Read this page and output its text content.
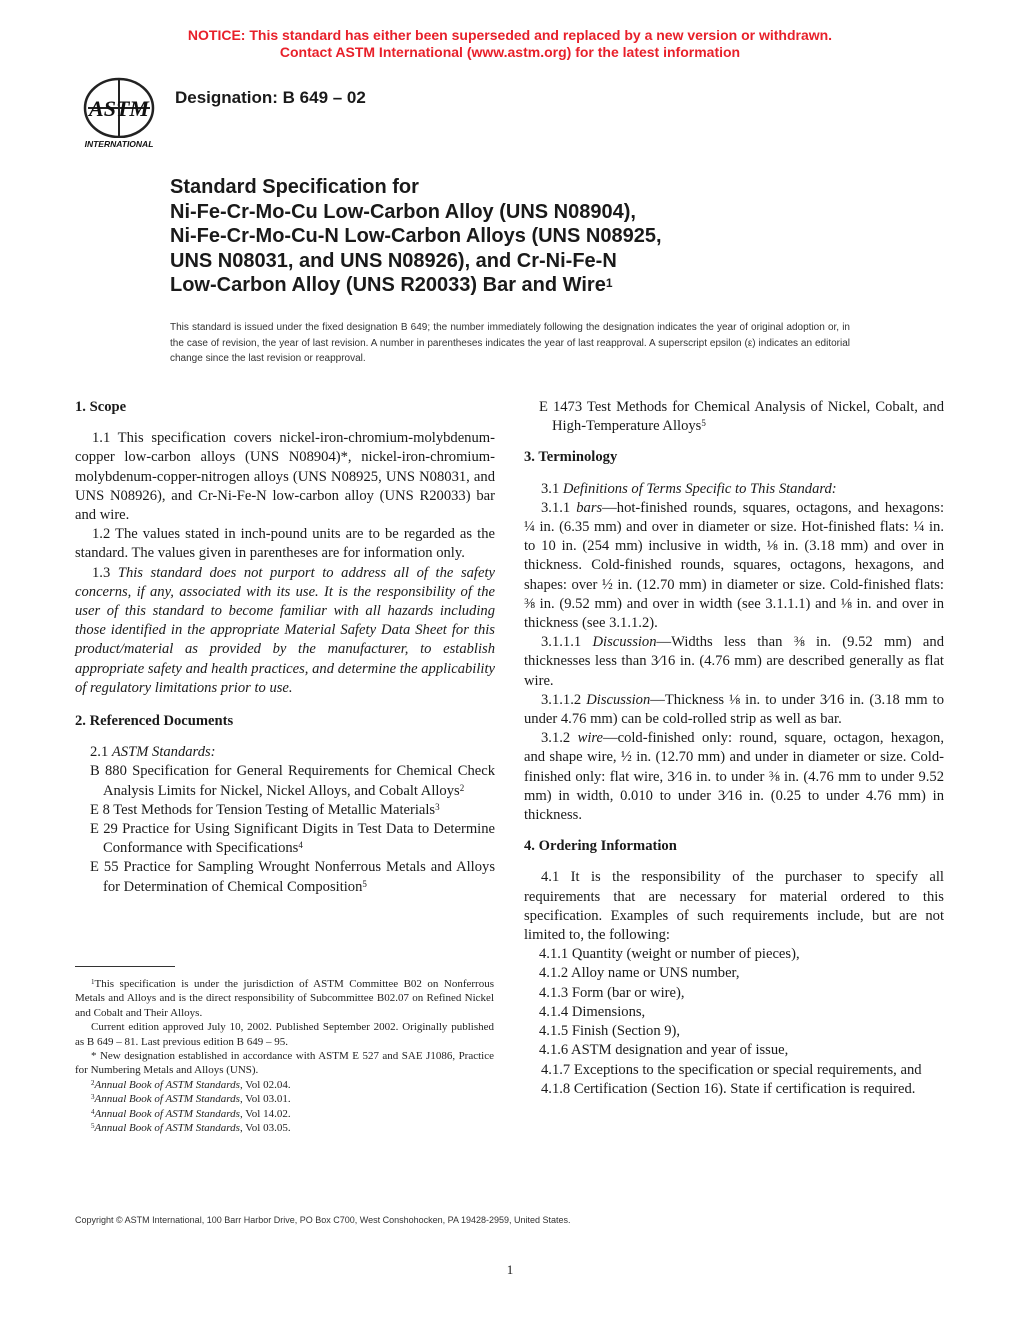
NOTICE: This standard has either been superseded and replaced by a new version or withdrawn.
Contact ASTM International (www.astm.org) for the latest information
ASTM
INTERNATIONAL
Designation: B 649 – 02
Standard Specification for
Ni-Fe-Cr-Mo-Cu Low-Carbon Alloy (UNS N08904),
Ni-Fe-Cr-Mo-Cu-N Low-Carbon Alloys (UNS N08925,
UNS N08031, and UNS N08926), and Cr-Ni-Fe-N
Low-Carbon Alloy (UNS R20033) Bar and Wire$^1$
This standard is issued under the fixed designation B 649; the number immediately following the designation indicates the year of original adoption or, in the case of revision, the year of last revision. A number in parentheses indicates the year of last reapproval. A superscript epsilon (ε) indicates an editorial change since the last revision or reapproval.

1. Scope

1.1 This specification covers nickel-iron-chromium-molybdenum-copper low-carbon alloys (UNS N08904)*, nickel-iron-chromium-molybdenum-copper-nitrogen alloys (UNS N08925, UNS N08031, and UNS N08926), and Cr-Ni-Fe-N low-carbon alloy (UNS R20033) bar and wire.

1.2 The values stated in inch-pound units are to be regarded as the standard. The values given in parentheses are for information only.

1.3 This standard does not purport to address all of the safety concerns, if any, associated with its use. It is the responsibility of the user of this standard to become familiar with all hazards including those identified in the appropriate Material Safety Data Sheet for this product/material as provided by the manufacturer, to establish appropriate safety and health practices, and determine the applicability of regulatory limitations prior to use.

2. Referenced Documents

2.1 ASTM Standards:

B 880 Specification for General Requirements for Chemical Check Analysis Limits for Nickel, Nickel Alloys, and Cobalt Alloys$^2$

E 8 Test Methods for Tension Testing of Metallic Materials$^3$

E 29 Practice for Using Significant Digits in Test Data to Determine Conformance with Specifications$^4$

E 55 Practice for Sampling Wrought Nonferrous Metals and Alloys for Determination of Chemical Composition$^5$

E 1473 Test Methods for Chemical Analysis of Nickel, Cobalt, and High-Temperature Alloys$^5$

3. Terminology

3.1 Definitions of Terms Specific to This Standard:

3.1.1 bars—hot-finished rounds, squares, octagons, and hexagons: ¼ in. (6.35 mm) and over in diameter or size. Hot-finished flats: ¼ in. to 10 in. (254 mm) inclusive in width, ⅛ in. (3.18 mm) and over in thickness. Cold-finished rounds, squares, octagons, hexagons, and shapes: over ½ in. (12.70 mm) in diameter or size. Cold-finished flats: ⅜ in. (9.52 mm) and over in width (see 3.1.1.1) and ⅛ in. and over in thickness (see 3.1.1.2).

3.1.1.1 Discussion—Widths less than ⅜ in. (9.52 mm) and thicknesses less than 3⁄16 in. (4.76 mm) are described generally as flat wire.

3.1.1.2 Discussion—Thickness ⅛ in. to under 3⁄16 in. (3.18 mm to under 4.76 mm) can be cold-rolled strip as well as bar.

3.1.2 wire—cold-finished only: round, square, octagon, hexagon, and shape wire, ½ in. (12.70 mm) and under in diameter or size. Cold-finished only: flat wire, 3⁄16 in. to under ⅜ in. (4.76 mm to under 9.52 mm) in width, 0.010 to under 3⁄16 in. (0.25 to under 4.76 mm) in thickness.

4. Ordering Information

4.1 It is the responsibility of the purchaser to specify all requirements that are necessary for material ordered to this specification. Examples of such requirements include, but are not limited to, the following:

4.1.1 Quantity (weight or number of pieces),

4.1.2 Alloy name or UNS number,

4.1.3 Form (bar or wire),

4.1.4 Dimensions,

4.1.5 Finish (Section 9),

4.1.6 ASTM designation and year of issue,

4.1.7 Exceptions to the specification or special requirements, and

4.1.8 Certification (Section 16). State if certification is required.

$^1$This specification is under the jurisdiction of ASTM Committee B02 on Nonferrous Metals and Alloys and is the direct responsibility of Subcommittee B02.07 on Refined Nickel and Cobalt and Their Alloys.

Current edition approved July 10, 2002. Published September 2002. Originally published as B 649 – 81. Last previous edition B 649 – 95.

* New designation established in accordance with ASTM E 527 and SAE J1086, Practice for Numbering Metals and Alloys (UNS).

$^2$Annual Book of ASTM Standards, Vol 02.04.

$^3$Annual Book of ASTM Standards, Vol 03.01.

$^4$Annual Book of ASTM Standards, Vol 14.02.

$^5$Annual Book of ASTM Standards, Vol 03.05.

Copyright © ASTM International, 100 Barr Harbor Drive, PO Box C700, West Conshohocken, PA 19428-2959, United States.
1
